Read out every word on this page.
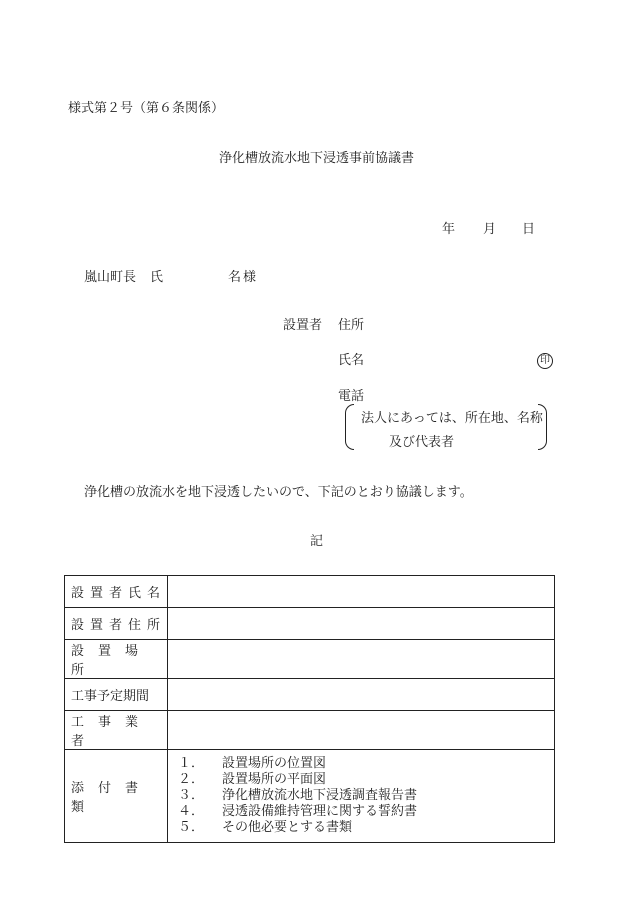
様式第２号（第６条関係）
浄化槽放流水地下浸透事前協議書
年 月 日
嵐山町長 氏　　　　　名 様
設置者 住所
氏名	印
電話
法人にあっては、所在地、名称
及び代表者
浄化槽の放流水を地下浸透したいので、下記のとおり協議します。
記
設置者氏名	
設置者住所	
設置場所	
工事予定期間	
工事業者	
添付書類	１． 設置場所の位置図
２． 設置場所の平面図
３． 浄化槽放流水地下浸透調査報告書
４． 浸透設備維持管理に関する誓約書
５． その他必要とする書類
